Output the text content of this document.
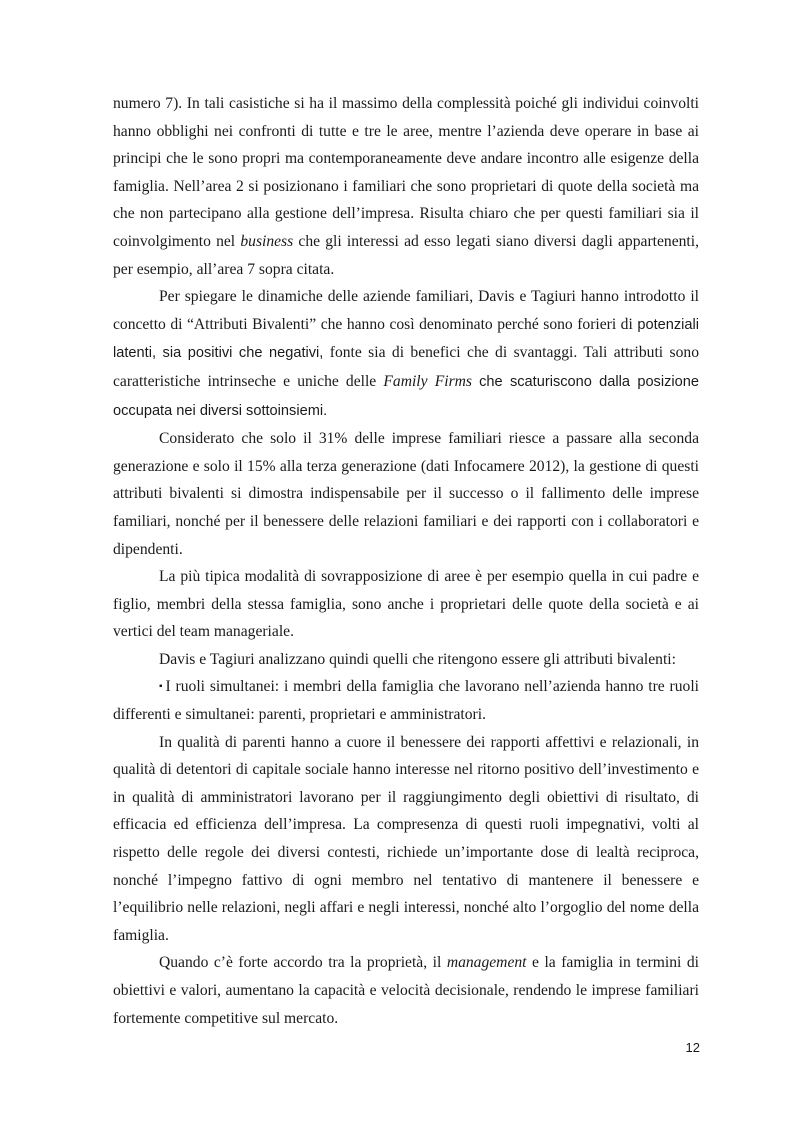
numero 7). In tali casistiche si ha il massimo della complessità poiché gli individui coinvolti hanno obblighi nei confronti di tutte e tre le aree, mentre l’azienda deve operare in base ai principi che le sono propri ma contemporaneamente deve andare incontro alle esigenze della famiglia. Nell’area 2 si posizionano i familiari che sono proprietari di quote della società ma che non partecipano alla gestione dell’impresa. Risulta chiaro che per questi familiari sia il coinvolgimento nel business che gli interessi ad esso legati siano diversi dagli appartenenti, per esempio, all’area 7 sopra citata.

Per spiegare le dinamiche delle aziende familiari, Davis e Tagiuri hanno introdotto il concetto di “Attributi Bivalenti” che hanno così denominato perché sono forieri di potenziali latenti, sia positivi che negativi, fonte sia di benefici che di svantaggi. Tali attributi sono caratteristiche intrinseche e uniche delle Family Firms che scaturiscono dalla posizione occupata nei diversi sottoinsiemi.

Considerato che solo il 31% delle imprese familiari riesce a passare alla seconda generazione e solo il 15% alla terza generazione (dati Infocamere 2012), la gestione di questi attributi bivalenti si dimostra indispensabile per il successo o il fallimento delle imprese familiari, nonché per il benessere delle relazioni familiari e dei rapporti con i collaboratori e dipendenti.

La più tipica modalità di sovrapposizione di aree è per esempio quella in cui padre e figlio, membri della stessa famiglia, sono anche i proprietari delle quote della società e ai vertici del team manageriale.

Davis e Tagiuri analizzano quindi quelli che ritengono essere gli attributi bivalenti:

▪ I ruoli simultanei: i membri della famiglia che lavorano nell’azienda hanno tre ruoli differenti e simultanei: parenti, proprietari e amministratori.

In qualità di parenti hanno a cuore il benessere dei rapporti affettivi e relazionali, in qualità di detentori di capitale sociale hanno interesse nel ritorno positivo dell’investimento e in qualità di amministratori lavorano per il raggiungimento degli obiettivi di risultato, di efficacia ed efficienza dell’impresa. La compresenza di questi ruoli impegnativi, volti al rispetto delle regole dei diversi contesti, richiede un’importante dose di lealtà reciproca, nonché l’impegno fattivo di ogni membro nel tentativo di mantenere il benessere e l’equilibrio nelle relazioni, negli affari e negli interessi, nonché alto l’orgoglio del nome della famiglia.

Quando c’è forte accordo tra la proprietà, il management e la famiglia in termini di obiettivi e valori, aumentano la capacità e velocità decisionale, rendendo le imprese familiari fortemente competitive sul mercato.

12
